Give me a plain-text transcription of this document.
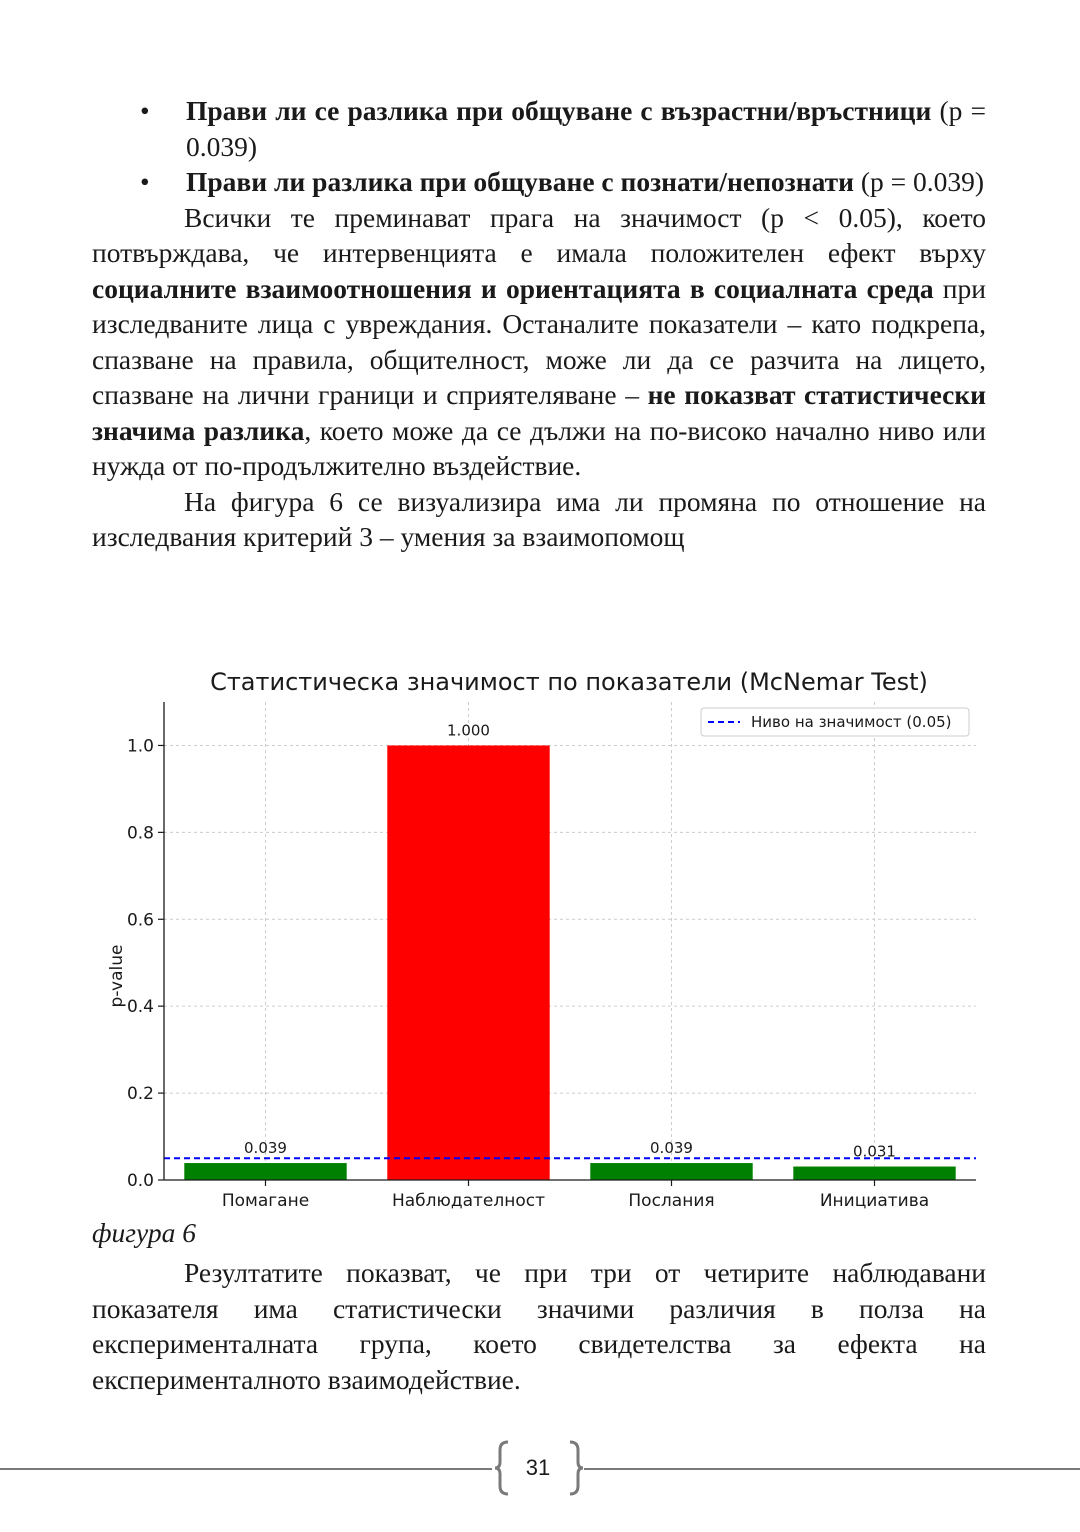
• Прави ли се разлика при общуване с възрастни/връстници (p = 0.039)
• Прави ли разлика при общуване с познати/непознати (p = 0.039)
Всички те преминават прага на значимост (p < 0.05), което потвърждава, че интервенцията е имала положителен ефект върху социалните взаимоотношения и ориентацията в социалната среда при изследваните лица с увреждания. Останалите показатели – като подкрепа, спазване на правила, общителност, може ли да се разчита на лицето, спазване на лични граници и сприятеляване – не показват статистически значима разлика, което може да се дължи на по-високо начално ниво или нужда от по-продължително въздействие.
На фигура 6 се визуализира има ли промяна по отношение на изследвания критерий 3 – умения за взаимопомощ
Статистическа значимост по показатели (McNemar Test)
p-value
0.039
1.000
0.039	0.031
0.0
0.2
0.4
0.6
0.8
1.0
Помагане	Наблюдателност	Послания	Инициатива
Ниво на значимост (0.05)
фигура 6
Резултатите показват, че при три от четирите наблюдавани показателя има статистически значими различия в полза на експерименталната група, което свидетелства за ефекта на експерименталното взаимодействие.
31
